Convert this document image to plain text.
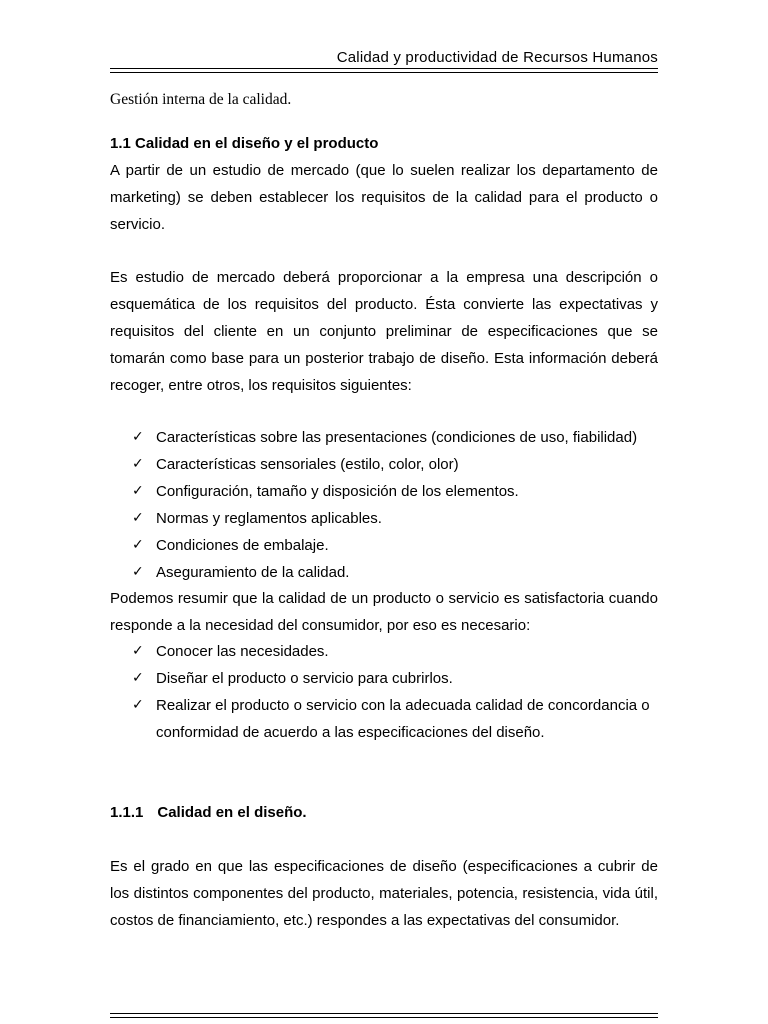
Calidad y productividad de Recursos Humanos

Gestión interna de la calidad.

1.1 Calidad en el diseño y el producto

A partir de un estudio de mercado (que lo suelen realizar los departamento de marketing) se deben establecer los requisitos de la calidad para el producto o servicio.

Es estudio de mercado deberá proporcionar a la empresa una descripción o esquemática de los requisitos del producto. Ésta convierte las expectativas y requisitos del cliente en un conjunto preliminar de especificaciones que se tomarán como base para un posterior trabajo de diseño. Esta información deberá recoger, entre otros, los requisitos siguientes:

✓ Características sobre las presentaciones (condiciones de uso, fiabilidad)
✓ Características sensoriales (estilo, color, olor)
✓ Configuración, tamaño y disposición de los elementos.
✓ Normas y reglamentos aplicables.
✓ Condiciones de embalaje.
✓ Aseguramiento de la calidad.

Podemos resumir que la calidad de un producto o servicio es satisfactoria cuando responde a la necesidad del consumidor, por eso es necesario:

✓ Conocer las necesidades.
✓ Diseñar el producto o servicio para cubrirlos.
✓ Realizar el producto o servicio con la adecuada calidad de concordancia o conformidad de acuerdo a las especificaciones del diseño.
1.1.1 Calidad en el diseño.

Es el grado en que las especificaciones de diseño (especificaciones a cubrir de los distintos componentes del producto, materiales, potencia, resistencia, vida útil, costos de financiamiento, etc.) respondes a las expectativas del consumidor.
